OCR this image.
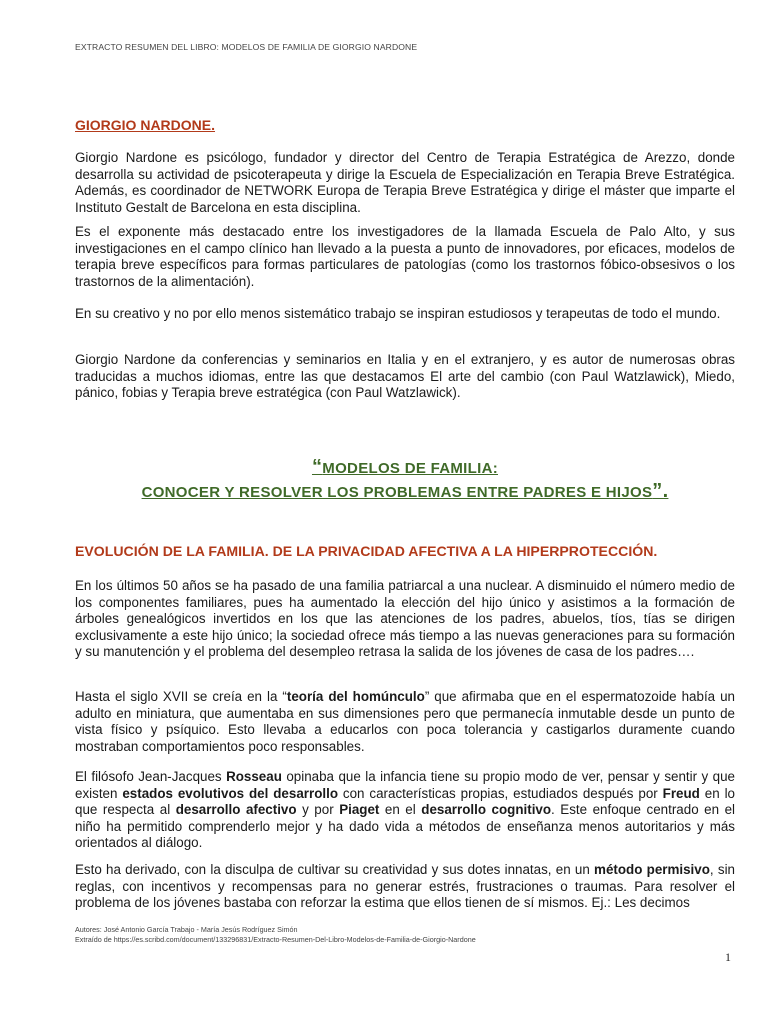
EXTRACTO RESUMEN DEL LIBRO: MODELOS DE FAMILIA DE GIORGIO NARDONE
GIORGIO NARDONE.

Giorgio Nardone es psicólogo, fundador y director del Centro de Terapia Estratégica de Arezzo, donde desarrolla su actividad de psicoterapeuta y dirige la Escuela de Especialización en Terapia Breve Estratégica. Además, es coordinador de NETWORK Europa de Terapia Breve Estratégica y dirige el máster que imparte el Instituto Gestalt de Barcelona en esta disciplina.

Es el exponente más destacado entre los investigadores de la llamada Escuela de Palo Alto, y sus investigaciones en el campo clínico han llevado a la puesta a punto de innovadores, por eficaces, modelos de terapia breve específicos para formas particulares de patologías (como los trastornos fóbico-obsesivos o los trastornos de la alimentación).

En su creativo y no por ello menos sistemático trabajo se inspiran estudiosos y terapeutas de todo el mundo.

Giorgio Nardone da conferencias y seminarios en Italia y en el extranjero, y es autor de numerosas obras traducidas a muchos idiomas, entre las que destacamos El arte del cambio (con Paul Watzlawick), Miedo, pánico, fobias y Terapia breve estratégica (con Paul Watzlawick).

“MODELOS DE FAMILIA:
CONOCER Y RESOLVER LOS PROBLEMAS ENTRE PADRES E HIJOS”.
EVOLUCIÓN DE LA FAMILIA. DE LA PRIVACIDAD AFECTIVA A LA HIPERPROTECCIÓN.

En los últimos 50 años se ha pasado de una familia patriarcal a una nuclear. A disminuido el número medio de los componentes familiares, pues ha aumentado la elección del hijo único y asistimos a la formación de árboles genealógicos invertidos en los que las atenciones de los padres, abuelos, tíos, tías se dirigen exclusivamente a este hijo único; la sociedad ofrece más tiempo a las nuevas generaciones para su formación y su manutención y el problema del desempleo retrasa la salida de los jóvenes de casa de los padres….

Hasta el siglo XVII se creía en la “teoría del homúnculo” que afirmaba que en el espermatozoide había un adulto en miniatura, que aumentaba en sus dimensiones pero que permanecía inmutable desde un punto de vista físico y psíquico. Esto llevaba a educarlos con poca tolerancia y castigarlos duramente cuando mostraban comportamientos poco responsables.

El filósofo Jean-Jacques Rosseau opinaba que la infancia tiene su propio modo de ver, pensar y sentir y que existen estados evolutivos del desarrollo con características propias, estudiados después por Freud en lo que respecta al desarrollo afectivo y por Piaget en el desarrollo cognitivo. Este enfoque centrado en el niño ha permitido comprenderlo mejor y ha dado vida a métodos de enseñanza menos autoritarios y más orientados al diálogo.

Esto ha derivado, con la disculpa de cultivar su creatividad y sus dotes innatas, en un método permisivo, sin reglas, con incentivos y recompensas para no generar estrés, frustraciones o traumas. Para resolver el problema de los jóvenes bastaba con reforzar la estima que ellos tienen de sí mismos. Ej.: Les decimos

Autores: José Antonio García Trabajo - María Jesús Rodríguez Simón
Extraído de https://es.scribd.com/document/133296831/Extracto-Resumen-Del-Libro-Modelos-de-Familia-de-Giorgio-Nardone
1
